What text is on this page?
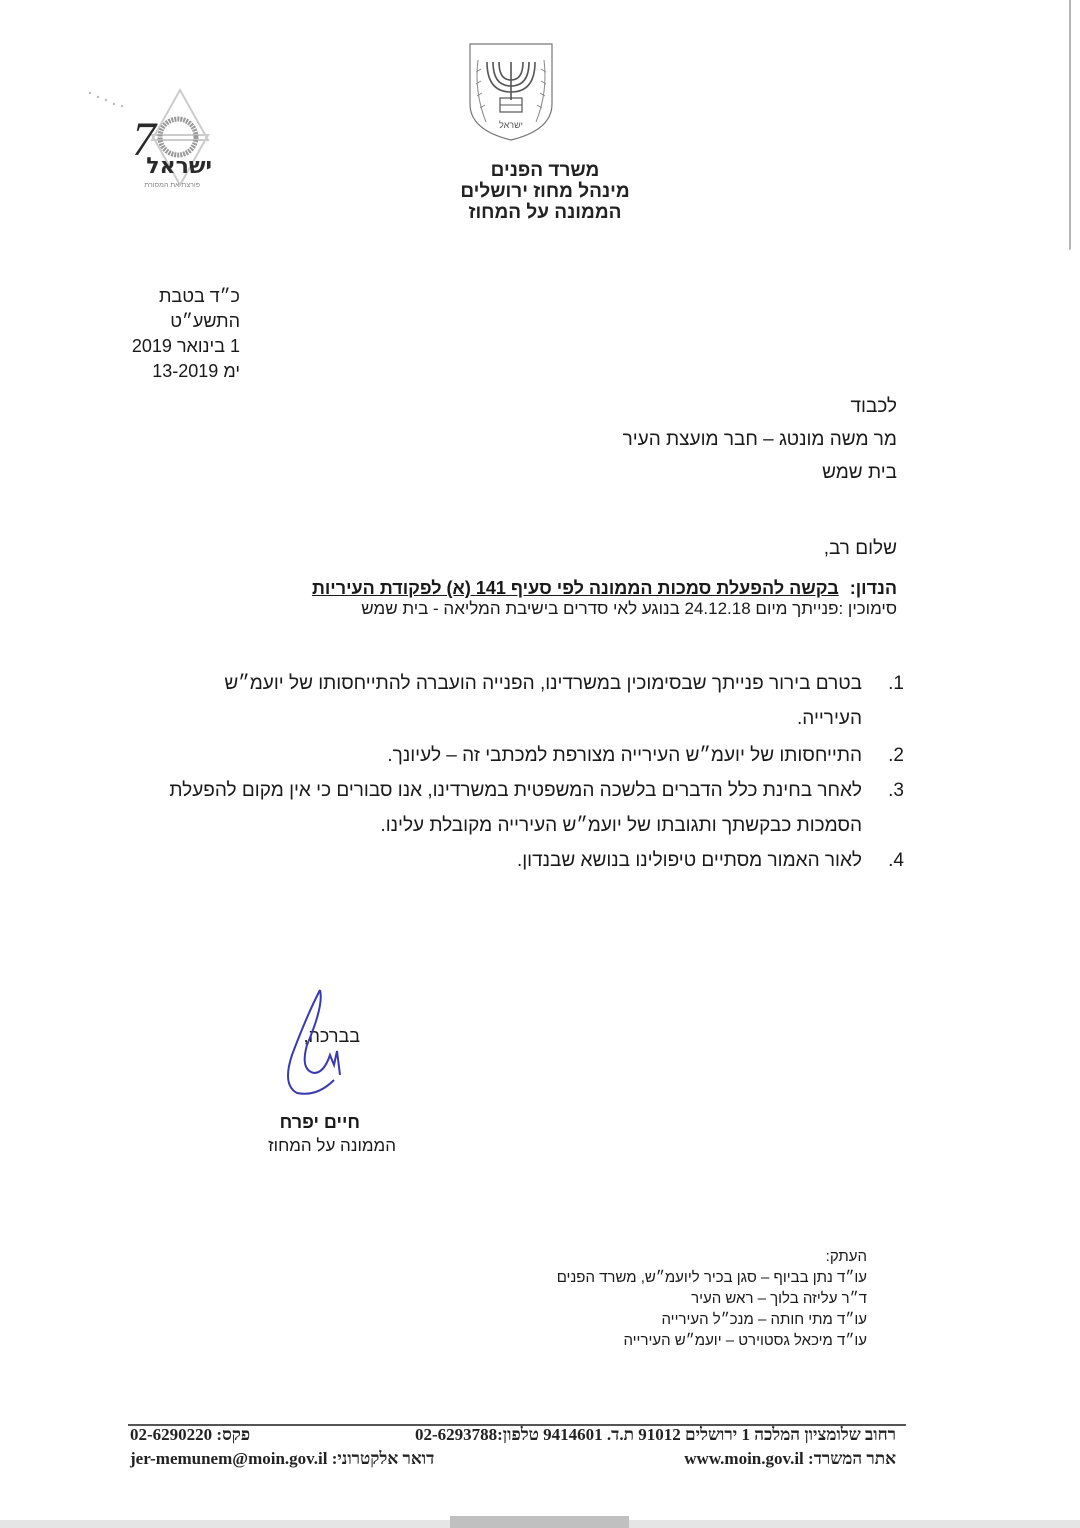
ישראל
7
ישראל
פורצת את המסורת
משרד הפנים
מינהל מחוז ירושלים
הממונה על המחוז
כ״ד בטבת התשע״ט
1 בינואר 2019
ימ 13-2019
לכבוד
מר משה מונטג – חבר מועצת העיר
בית שמש
שלום רב,
הנדון: בקשה להפעלת סמכות הממונה לפי סעיף 141 (א) לפקודת העיריות
סימוכין :פנייתך מיום 24.12.18 בנוגע לאי סדרים בישיבת המליאה - בית שמש
1.
בטרם בירור פנייתך שבסימוכין במשרדינו, הפנייה הועברה להתייחסותו של יועמ״ש העירייה.
2.
התייחסותו של יועמ״ש העירייה מצורפת למכתבי זה – לעיונך.
3.
לאחר בחינת כלל הדברים בלשכה המשפטית במשרדינו, אנו סבורים כי אין מקום להפעלת הסמכות כבקשתך ותגובתו של יועמ״ש העירייה מקובלת עלינו.
4.
לאור האמור מסתיים טיפולינו בנושא שבנדון.
בברכה,
חיים יפרח
הממונה על המחוז
העתק:
עו״ד נתן בביוף – סגן בכיר ליועמ״ש, משרד הפנים
ד״ר עליזה בלוך – ראש העיר
עו״ד מתי חותה – מנכ״ל העירייה
עו״ד מיכאל גסטוירט – יועמ״ש העירייה
רחוב שלומציון המלכה 1 ירושלים 91012 ת.ד. 9414601 טלפון:02-6293788
פקס: 02-6290220
אתר המשרד: www.moin.gov.il
דואר אלקטרוני: jer-memunem@moin.gov.il
